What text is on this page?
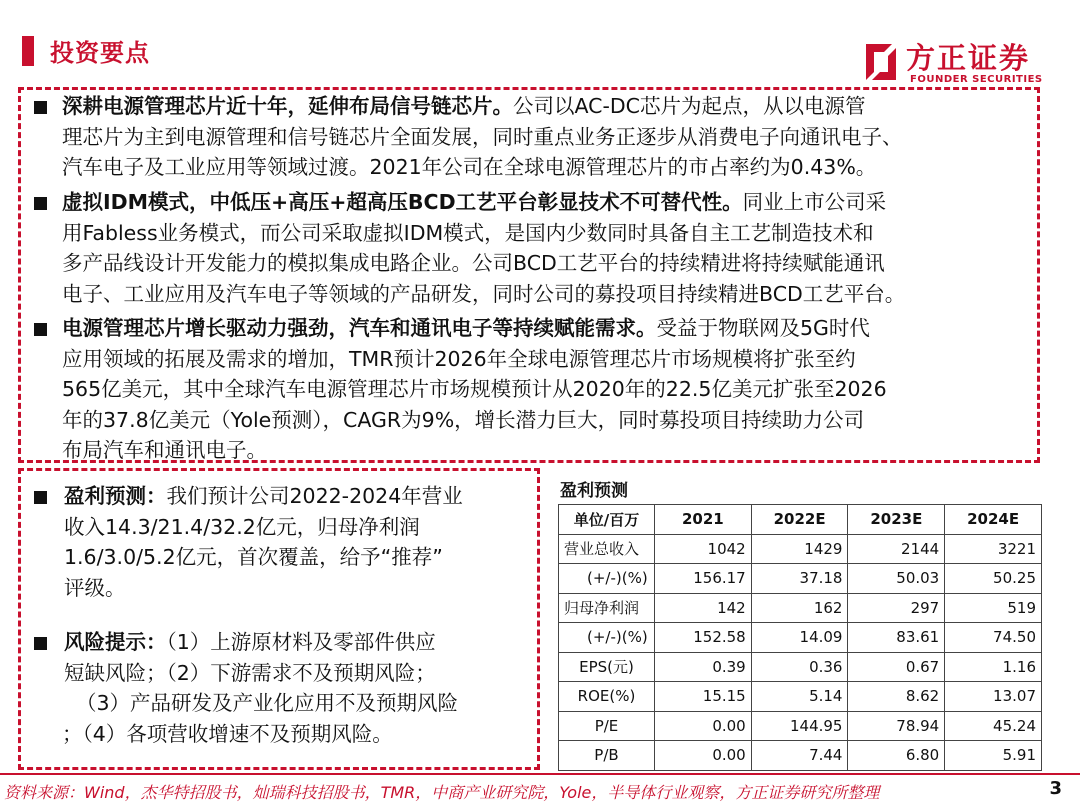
投资要点	方正证券
FOUNDER SECURITIES
深耕电源管理芯片近十年，延伸布局信号链芯片。公司以AC-DC芯片为起点，从以电源管
理芯片为主到电源管理和信号链芯片全面发展，同时重点业务正逐步从消费电子向通讯电子、
汽车电子及工业应用等领域过渡。2021年公司在全球电源管理芯片的市占率约为0.43%。
虚拟IDM模式，中低压+高压+超高压BCD工艺平台彰显技术不可替代性。同业上市公司采
用Fabless业务模式，而公司采取虚拟IDM模式，是国内少数同时具备自主工艺制造技术和
多产品线设计开发能力的模拟集成电路企业。公司BCD工艺平台的持续精进将持续赋能通讯
电子、工业应用及汽车电子等领域的产品研发，同时公司的募投项目持续精进BCD工艺平台。
电源管理芯片增长驱动力强劲，汽车和通讯电子等持续赋能需求。受益于物联网及5G时代
应用领域的拓展及需求的增加，TMR预计2026年全球电源管理芯片市场规模将扩张至约
565亿美元，其中全球汽车电源管理芯片市场规模预计从2020年的22.5亿美元扩张至2026
年的37.8亿美元（Yole预测），CAGR为9%，增长潜力巨大，同时募投项目持续助力公司
布局汽车和通讯电子。
盈利预测：我们预计公司2022-2024年营业
收入14.3/21.4/32.2亿元，归母净利润
1.6/3.0/5.2亿元，首次覆盖，给予“推荐”
评级。
风险提示：（1）上游原材料及零部件供应
短缺风险；（2）下游需求不及预期风险；
（3）产品研发及产业化应用不及预期风险
；（4）各项营收增速不及预期风险。
盈利预测
单位/百万	2021	2022E	2023E	2024E
营业总收入	1042	1429	2144	3221
(+/-)(%)	156.17	37.18	50.03	50.25
归母净利润	142	162	297	519
(+/-)(%)	152.58	14.09	83.61	74.50
EPS(元)	0.39	0.36	0.67	1.16
ROE(%)	15.15	5.14	8.62	13.07
P/E	0.00	144.95	78.94	45.24
P/B	0.00	7.44	6.80	5.91
资料来源：Wind，杰华特招股书，灿瑞科技招股书，TMR，中商产业研究院，Yole，半导体行业观察，方正证券研究所整理	3
